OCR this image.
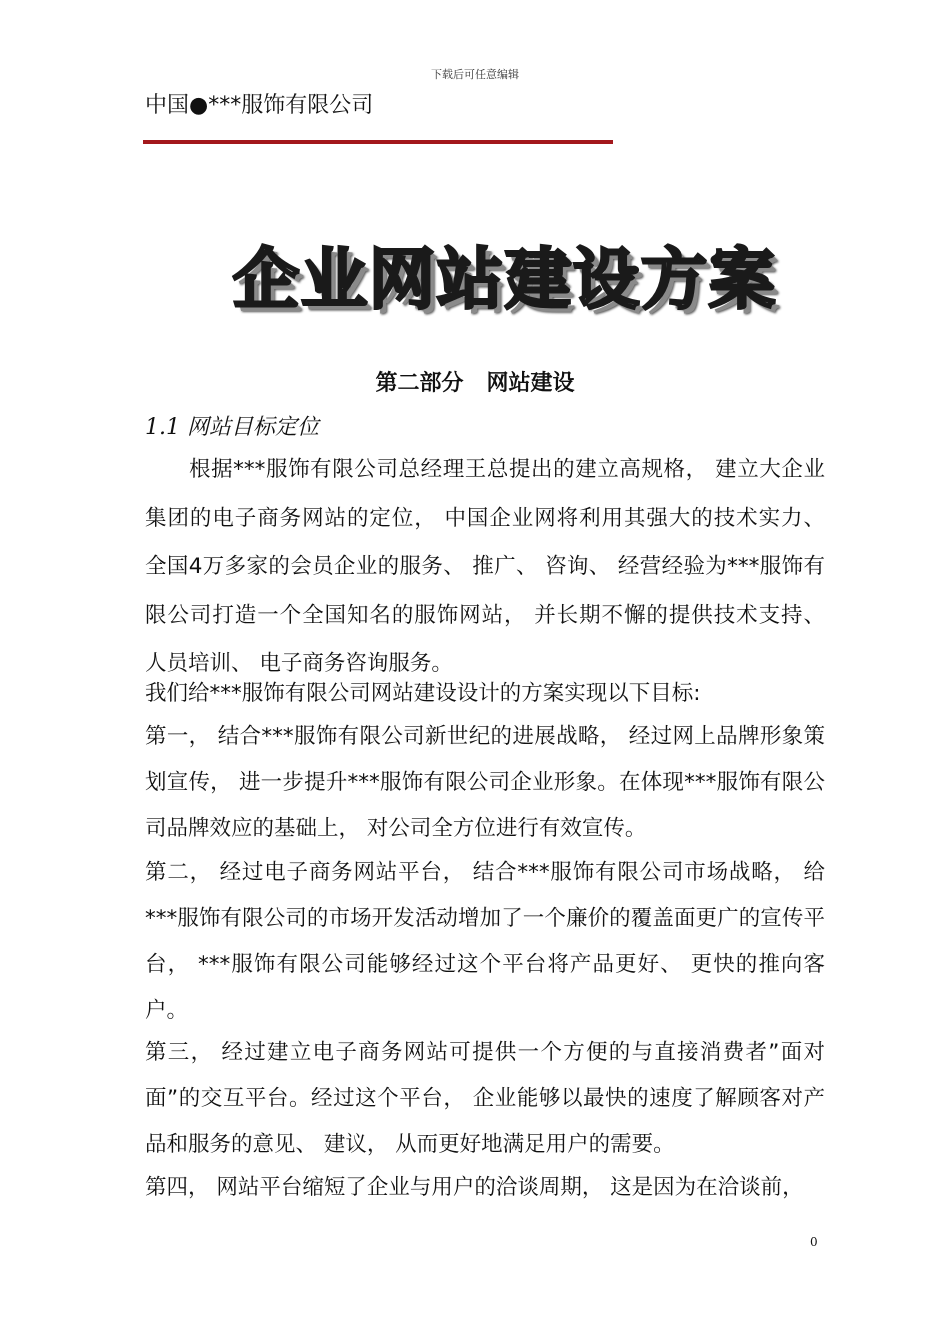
下载后可任意编辑
中国●***服饰有限公司
企业网站建设方案
第二部分   网站建设
1.1 网站目标定位

根据***服饰有限公司总经理王总提出的建立高规格， 建立大企业集团的电子商务网站的定位， 中国企业网将利用其强大的技术实力、 全国4万多家的会员企业的服务、 推广、 咨询、 经营经验为***服饰有限公司打造一个全国知名的服饰网站， 并长期不懈的提供技术支持、 人员培训、 电子商务咨询服务。

我们给***服饰有限公司网站建设设计的方案实现以下目标:

第一， 结合***服饰有限公司新世纪的进展战略， 经过网上品牌形象策划宣传， 进一步提升***服饰有限公司企业形象。在体现***服饰有限公司品牌效应的基础上， 对公司全方位进行有效宣传。

第二， 经过电子商务网站平台， 结合***服饰有限公司市场战略， 给***服饰有限公司的市场开发活动增加了一个廉价的覆盖面更广的宣传平台， ***服饰有限公司能够经过这个平台将产品更好、 更快的推向客户。

第三， 经过建立电子商务网站可提供一个方便的与直接消费者”面对面”的交互平台。经过这个平台， 企业能够以最快的速度了解顾客对产品和服务的意见、 建议， 从而更好地满足用户的需要。

第四， 网站平台缩短了企业与用户的洽谈周期， 这是因为在洽谈前，

0
